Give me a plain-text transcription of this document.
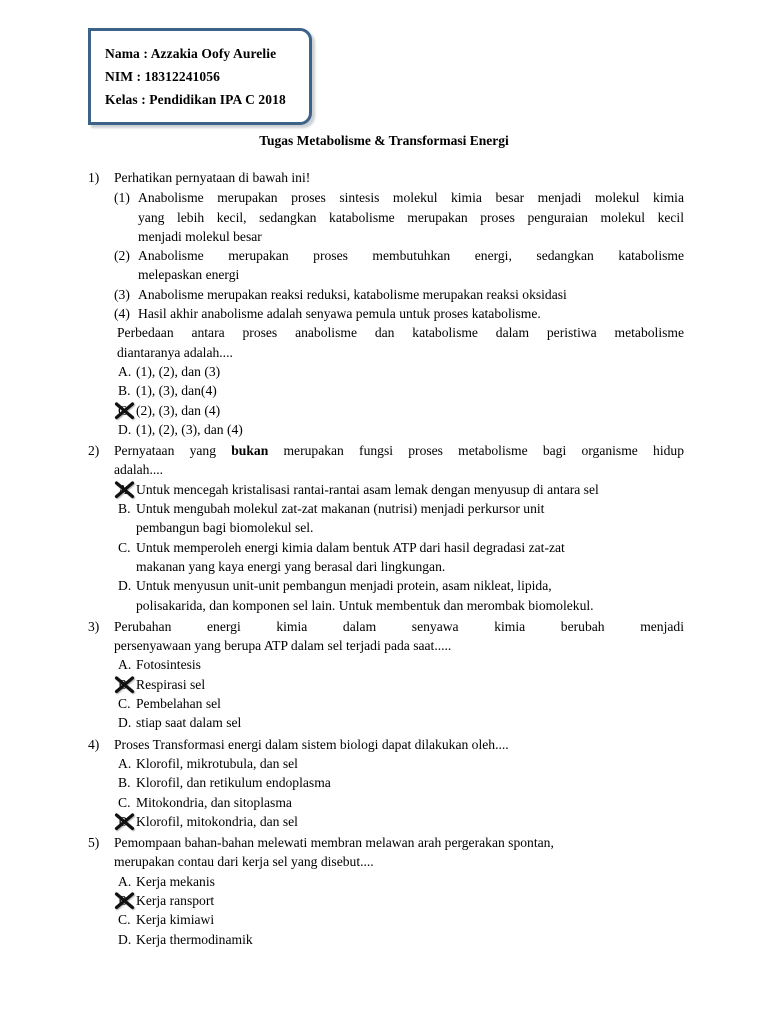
Nama : Azzakia Oofy Aurelie
NIM : 18312241056
Kelas : Pendidikan IPA C 2018
Tugas Metabolisme & Transformasi Energi
1)	Perhatikan pernyataan di bawah ini!
(1) Anabolisme merupakan proses sintesis molekul kimia besar menjadi molekul kimia
yang lebih kecil, sedangkan katabolisme merupakan proses penguraian molekul kecil
menjadi molekul besar
(2) Anabolisme merupakan proses membutuhkan energi, sedangkan katabolisme
melepaskan energi
(3) Anabolisme merupakan reaksi reduksi, katabolisme merupakan reaksi oksidasi
(4) Hasil akhir anabolisme adalah senyawa pemula untuk proses katabolisme.
Perbedaan antara proses anabolisme dan katabolisme dalam peristiwa metabolisme
diantaranya adalah....
A. (1), (2), dan (3)
B. (1), (3), dan(4)
C. (2), (3), dan (4)
D. (1), (2), (3), dan (4)
2)	Pernyataan yang bukan merupakan fungsi proses metabolisme bagi organisme hidup
adalah....
A. Untuk mencegah kristalisasi rantai-rantai asam lemak dengan menyusup di antara sel
B. Untuk mengubah molekul zat-zat makanan (nutrisi) menjadi perkursor unit
pembangun bagi biomolekul sel.
C. Untuk memperoleh energi kimia dalam bentuk ATP dari hasil degradasi zat-zat
makanan yang kaya energi yang berasal dari lingkungan.
D. Untuk menyusun unit-unit pembangun menjadi protein, asam nikleat, lipida,
polisakarida, dan komponen sel lain. Untuk membentuk dan merombak biomolekul.
3)	Perubahan energi kimia dalam senyawa kimia berubah menjadi
persenyawaan yang berupa ATP dalam sel terjadi pada saat.....
A. Fotosintesis
B. Respirasi sel
C. Pembelahan sel
D. stiap saat dalam sel
4)	Proses Transformasi energi dalam sistem biologi dapat dilakukan oleh....
A. Klorofil, mikrotubula, dan sel
B. Klorofil, dan retikulum endoplasma
C. Mitokondria, dan sitoplasma
D. Klorofil, mitokondria, dan sel
5)	Pemompaan bahan-bahan melewati membran melawan arah pergerakan spontan,
merupakan contau dari kerja sel yang disebut....
A. Kerja mekanis
B. Kerja ransport
C. Kerja kimiawi
D. Kerja thermodinamik
